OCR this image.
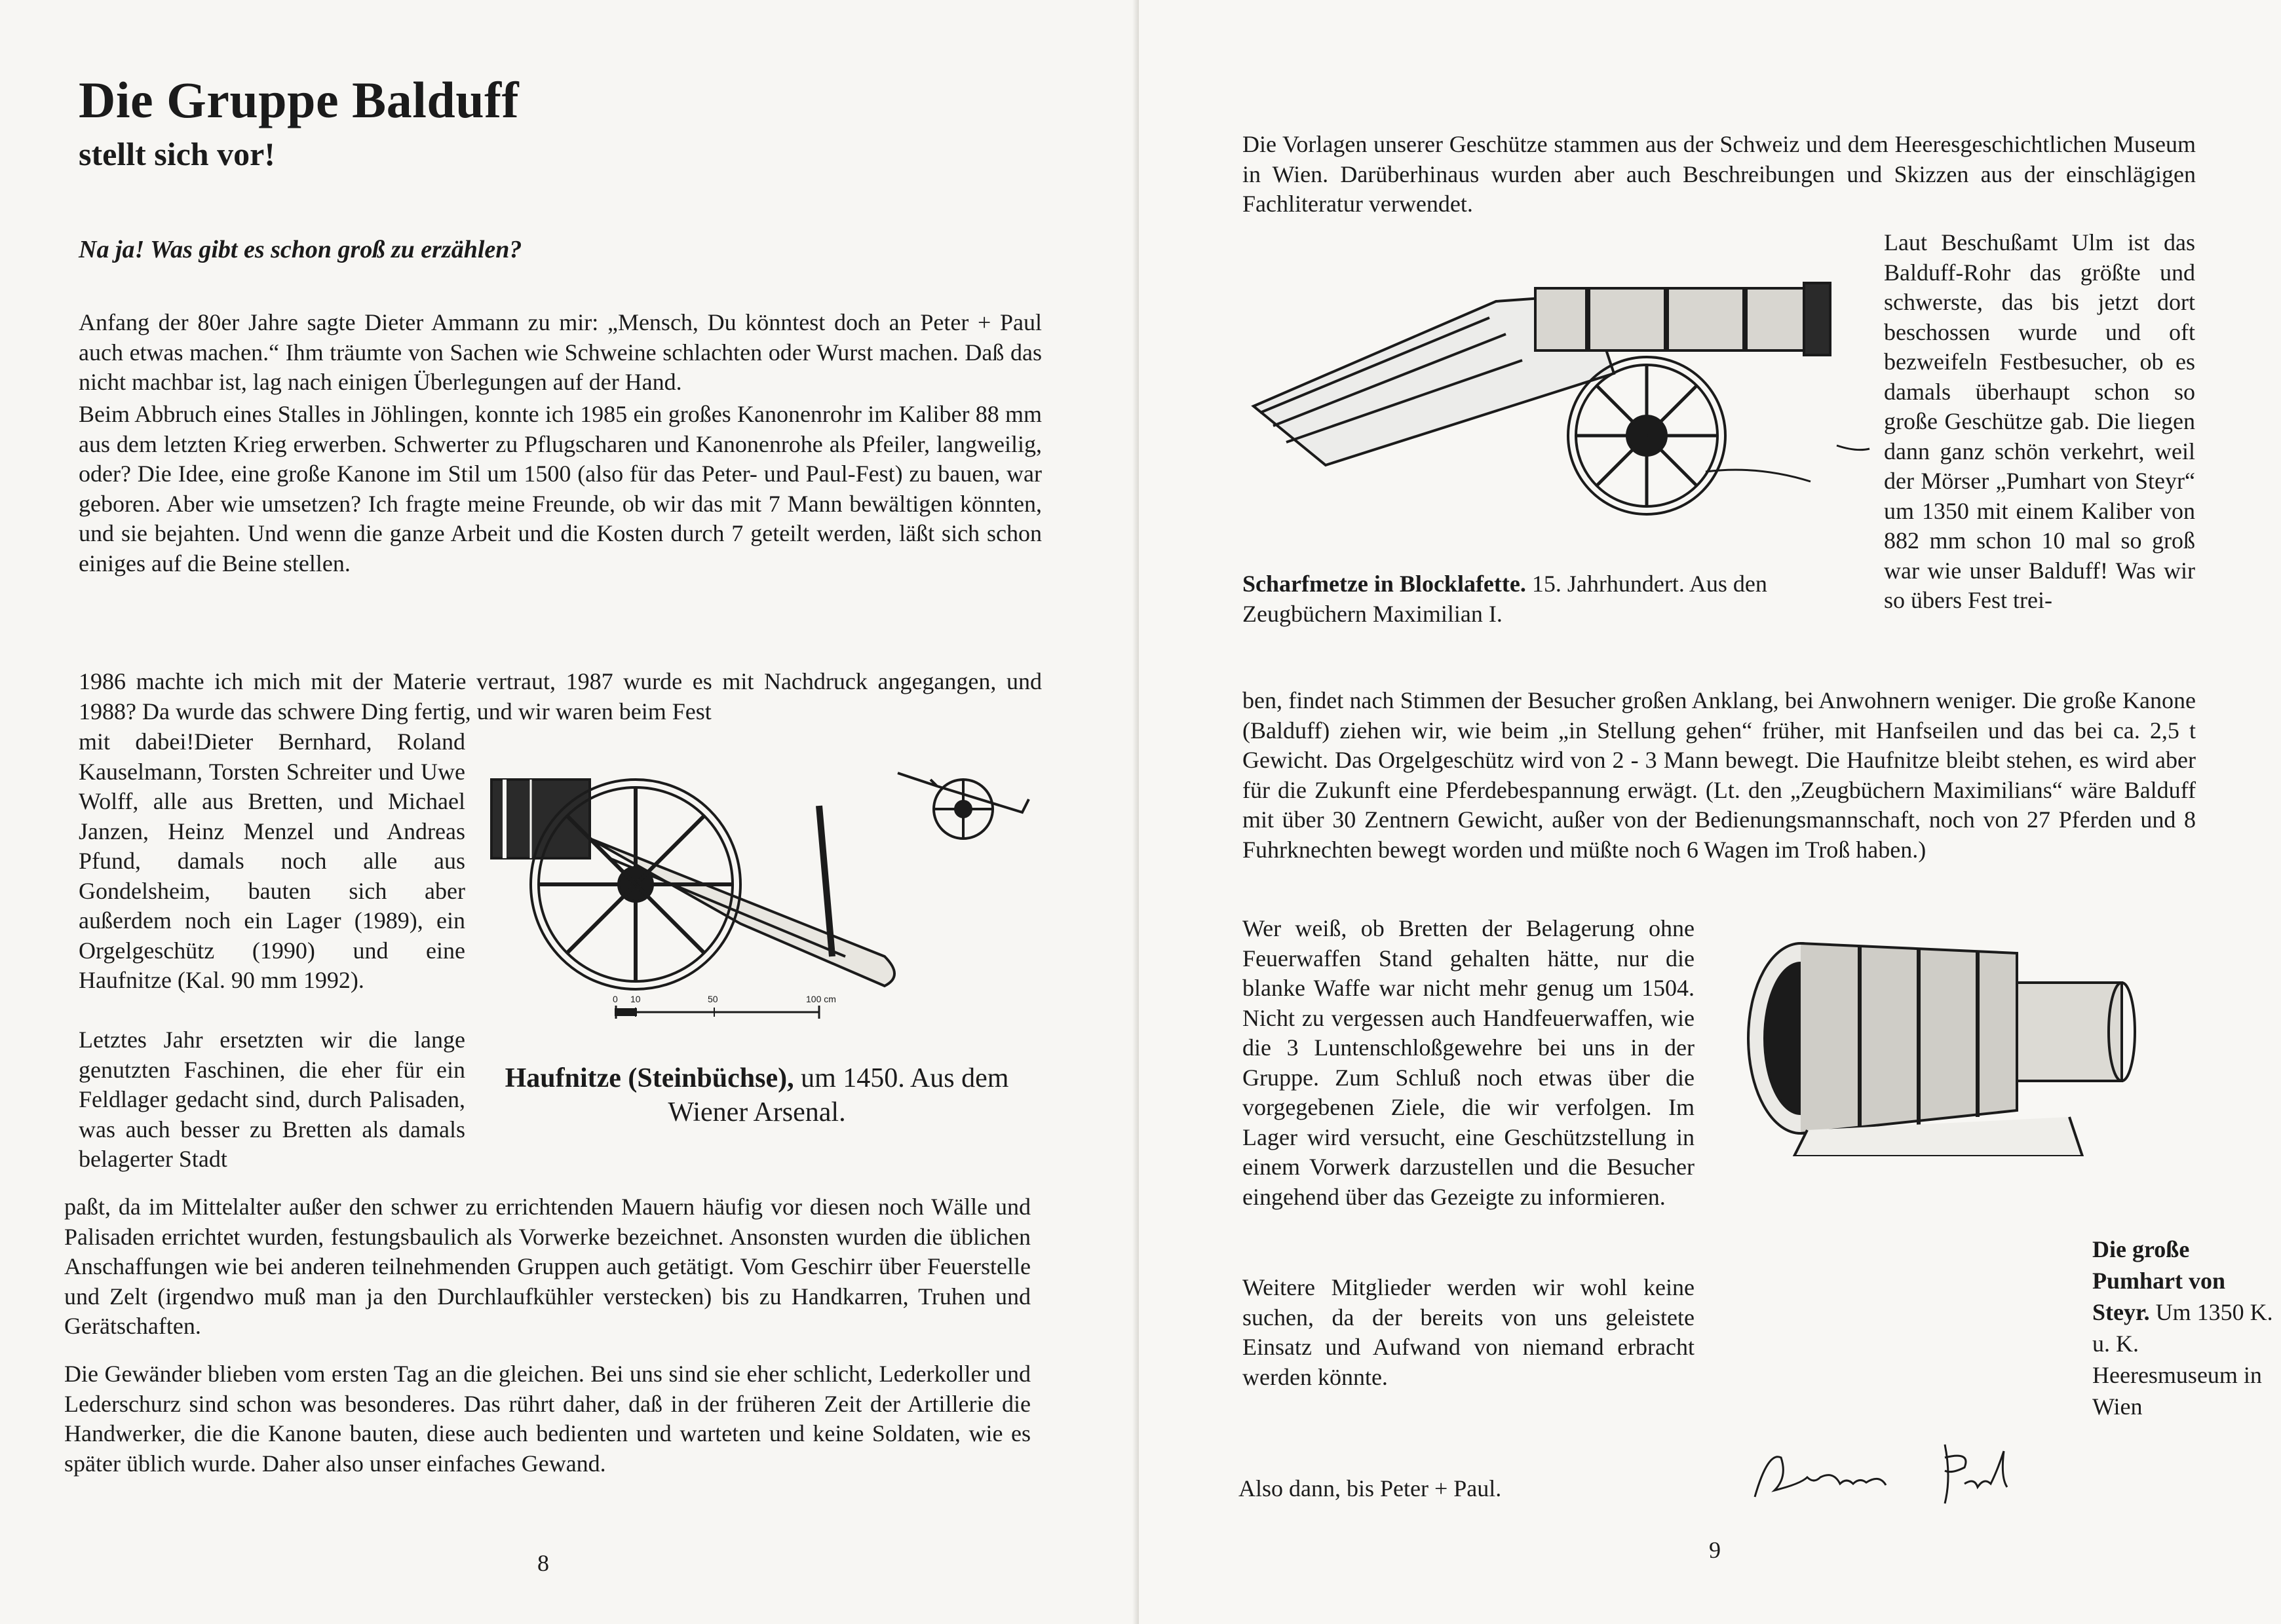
Die Gruppe Balduff
stellt sich vor!

Na ja! Was gibt es schon groß zu erzählen?

Anfang der 80er Jahre sagte Dieter Ammann zu mir: „Mensch, Du könntest doch an Peter + Paul auch etwas machen.“ Ihm träumte von Sachen wie Schweine schlachten oder Wurst machen. Daß das nicht machbar ist, lag nach einigen Überlegungen auf der Hand.

Beim Abbruch eines Stalles in Jöhlingen, konnte ich 1985 ein großes Kanonenrohr im Kaliber 88 mm aus dem letzten Krieg erwerben. Schwerter zu Pflugscharen und Kanonenrohe als Pfeiler, langweilig, oder? Die Idee, eine große Kanone im Stil um 1500 (also für das Peter- und Paul-Fest) zu bauen, war geboren. Aber wie umsetzen? Ich fragte meine Freunde, ob wir das mit 7 Mann bewältigen könnten, und sie bejahten. Und wenn die ganze Arbeit und die Kosten durch 7 geteilt werden, läßt sich schon einiges auf die Beine stellen.

1986 machte ich mich mit der Materie vertraut, 1987 wurde es mit Nachdruck angegangen, und 1988? Da wurde das schwere Ding fertig, und wir waren beim Fest

mit dabei!Dieter Bernhard, Roland Kauselmann, Torsten Schreiter und Uwe Wolff, alle aus Bretten, und Michael Janzen, Heinz Menzel und Andreas Pfund, damals noch alle aus Gondelsheim, bauten sich aber außerdem noch ein Lager (1989), ein Orgelgeschütz (1990) und eine Haufnitze (Kal. 90 mm 1992).

Letztes Jahr ersetzten wir die lange genutzten Faschinen, die eher für ein Feldlager gedacht sind, durch Palisaden, was auch besser zu Bretten als damals belagerter Stadt

paßt, da im Mittelalter außer den schwer zu errichtenden Mauern häufig vor diesen noch Wälle und Palisaden errichtet wurden, festungsbaulich als Vorwerke bezeichnet. Ansonsten wurden die üblichen Anschaffungen wie bei anderen teilnehmenden Gruppen auch getätigt. Vom Geschirr über Feuerstelle und Zelt (irgendwo muß man ja den Durchlaufkühler verstecken) bis zu Handkarren, Truhen und Gerätschaften.

Die Gewänder blieben vom ersten Tag an die gleichen. Bei uns sind sie eher schlicht, Lederkoller und Lederschurz sind schon was besonderes. Das rührt daher, daß in der früheren Zeit der Artillerie die Handwerker, die die Kanone bauten, diese auch bedienten und warteten und keine Soldaten, wie es später üblich wurde. Daher also unser einfaches Gewand.

0 10	50	100 cm

Haufnitze (Steinbüchse), um 1450. Aus dem Wiener Arsenal.

8

Die Vorlagen unserer Geschütze stammen aus der Schweiz und dem Heeresgeschichtlichen Museum in Wien. Darüberhinaus wurden aber auch Beschreibungen und Skizzen aus der einschlägigen Fachliteratur verwendet.

Scharfmetze in Blocklafette. 15. Jahrhundert. Aus den Zeugbüchern Maximilian I.

Laut Beschußamt Ulm ist das Balduff-Rohr das größte und schwerste, das bis jetzt dort beschossen wurde und oft bezweifeln Festbesucher, ob es damals überhaupt schon so große Geschütze gab. Die liegen dann ganz schön verkehrt, weil der Mörser „Pumhart von Steyr“ um 1350 mit einem Kaliber von 882 mm schon 10 mal so groß war wie unser Balduff! Was wir so übers Fest trei-

ben, findet nach Stimmen der Besucher großen Anklang, bei Anwohnern weniger. Die große Kanone (Balduff) ziehen wir, wie beim „in Stellung gehen“ früher, mit Hanfseilen und das bei ca. 2,5 t Gewicht. Das Orgelgeschütz wird von 2 - 3 Mann bewegt. Die Haufnitze bleibt stehen, es wird aber für die Zukunft eine Pferdebespannung erwägt. (Lt. den „Zeugbüchern Maximilians“ wäre Balduff mit über 30 Zentnern Gewicht, außer von der Bedienungsmannschaft, noch von 27 Pferden und 8 Fuhrknechten bewegt worden und müßte noch 6 Wagen im Troß haben.)

Wer weiß, ob Bretten der Belagerung ohne Feuerwaffen Stand gehalten hätte, nur die blanke Waffe war nicht mehr genug um 1504. Nicht zu vergessen auch Handfeuerwaffen, wie die 3 Luntenschloßgewehre bei uns in der Gruppe. Zum Schluß noch etwas über die vorgegebenen Ziele, die wir verfolgen. Im Lager wird versucht, eine Geschützstellung in einem Vorwerk darzustellen und die Besucher eingehend über das Gezeigte zu informieren.

Weitere Mitglieder werden wir wohl keine suchen, da der bereits von uns geleistete Einsatz und Aufwand von niemand erbracht werden könnte.

Die große Pumhart von Steyr. Um 1350 K. u. K. Heeresmuseum in Wien

Also dann, bis Peter + Paul.

9
